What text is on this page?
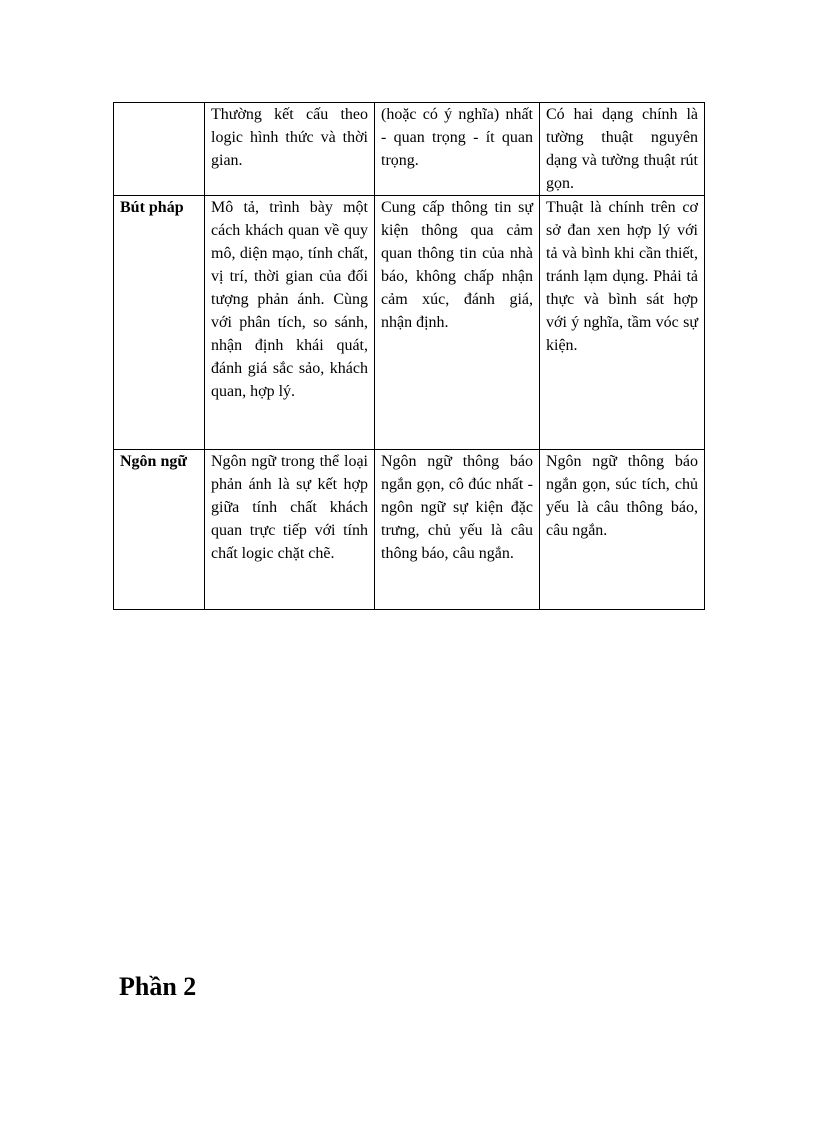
	Thường kết cấu theo logic hình thức và thời gian.	(hoặc có ý nghĩa) nhất - quan trọng - ít quan trọng.	Có hai dạng chính là tường thuật nguyên dạng và tường thuật rút gọn.
Bút pháp	Mô tả, trình bày một cách khách quan về quy mô, diện mạo, tính chất, vị trí, thời gian của đối tượng phản ánh. Cùng với phân tích, so sánh, nhận định khái quát, đánh giá sắc sảo, khách quan, hợp lý.	Cung cấp thông tin sự kiện thông qua cảm quan thông tin của nhà báo, không chấp nhận cảm xúc, đánh giá, nhận định.	Thuật là chính trên cơ sở đan xen hợp lý với tả và bình khi cần thiết, tránh lạm dụng. Phải tả thực và bình sát hợp với ý nghĩa, tầm vóc sự kiện.
Ngôn ngữ	Ngôn ngữ trong thể loại phản ánh là sự kết hợp giữa tính chất khách quan trực tiếp với tính chất logic chặt chẽ.	Ngôn ngữ thông báo ngắn gọn, cô đúc nhất - ngôn ngữ sự kiện đặc trưng, chủ yếu là câu thông báo, câu ngắn.	Ngôn ngữ thông báo ngắn gọn, súc tích, chủ yếu là câu thông báo, câu ngắn.
Phần 2
